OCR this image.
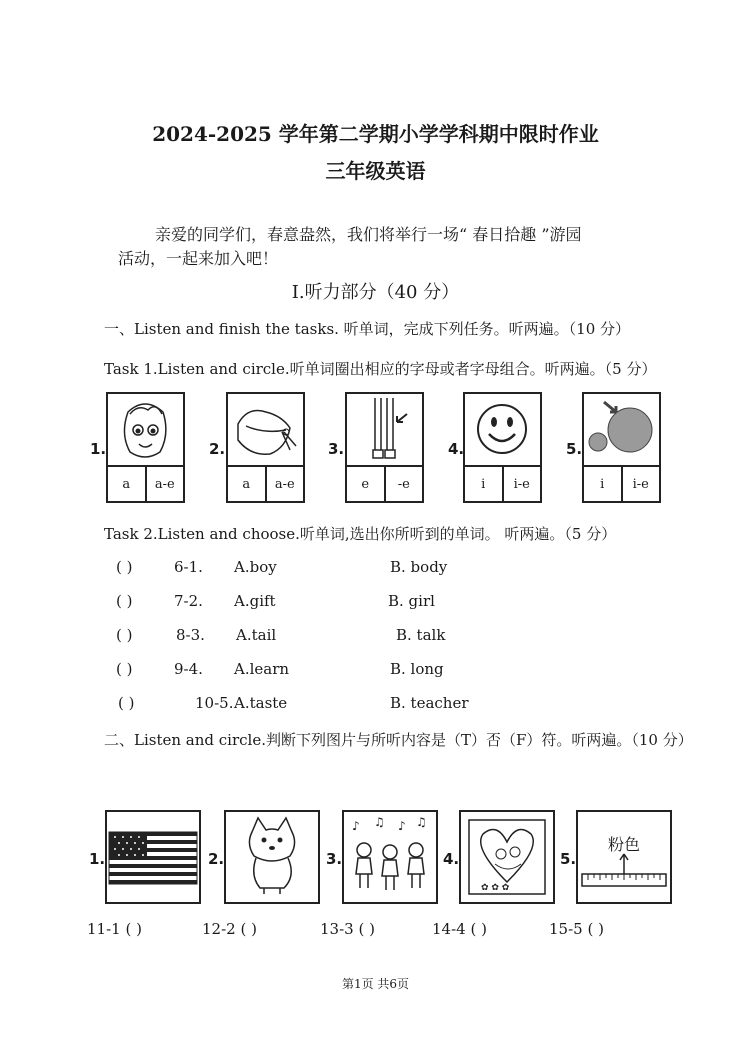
2024-2025 学年第二学期小学学科期中限时作业
三年级英语
亲爱的同学们，春意盎然，我们将举行一场“ 春日拾趣 ”游园
活动，一起来加入吧！
Ⅰ.听力部分（40 分）
一、Listen and finish the tasks. 听单词，完成下列任务。听两遍。（10 分）
Task 1.Listen and circle.听单词圈出相应的字母或者字母组合。听两遍。（5 分）
1.
a	a-e
2.
a	a-e
3.
e	-e
4.
i	i-e
5.
i	i-e
Task 2.Listen and choose.听单词,选出你所听到的单词。 听两遍。（5 分）
( )	6-1. A.boy	B. body
( )	7-2. A.gift	B. girl
( )	8-3. A.tail	B. talk
( )	9-4. A.learn	B. long
( )	10-5. A.taste	B. teacher
二、Listen and circle.判断下列图片与所听内容是（T）否（F）符。听两遍。（10 分）
1.	2.	3.
♪ ♫ ♪ ♫
4.
✿ ✿ ✿
5.
粉色
11-1 ( )	12-2 ( )	13-3 ( )	14-4 ( )	15-5 ( )
第1页 共6页
